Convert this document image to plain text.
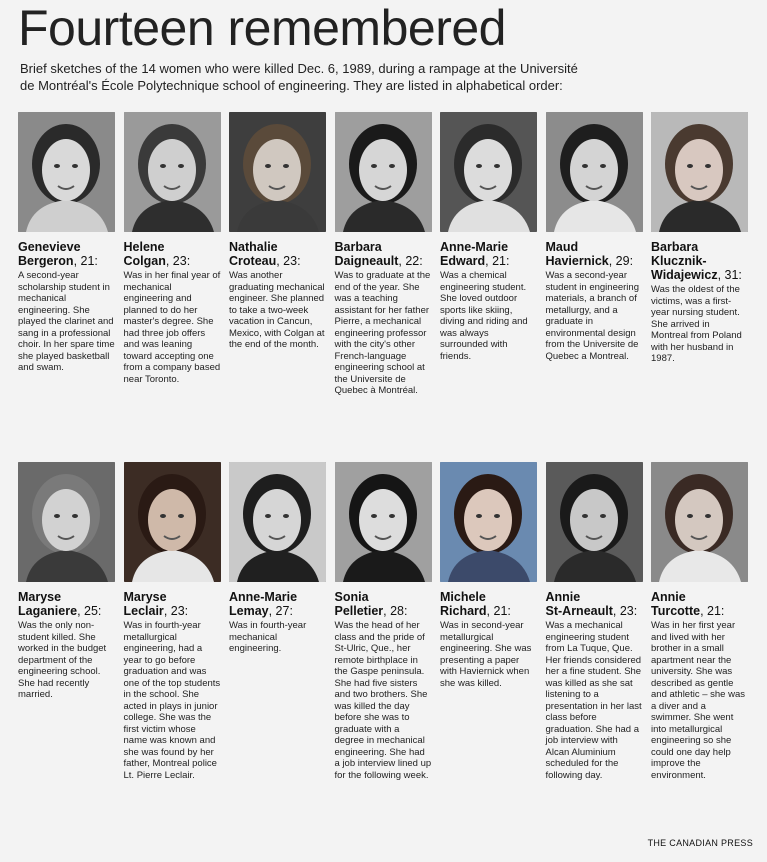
Fourteen remembered
Brief sketches of the 14 women who were killed Dec. 6, 1989, during a rampage at the Université
de Montréal's École Polytechnique school of engineering. They are listed in alphabetical order:
Genevieve
Bergeron, 21:
A second-year scholarship student in mechanical engineering. She played the clarinet and sang in a professional choir. In her spare time she played basketball and swam.
Helene
Colgan, 23:
Was in her final year of mechanical engineering and planned to do her master's degree. She had three job offers and was leaning toward accepting one from a company based near Toronto.
Nathalie
Croteau, 23:
Was another graduating mechanical engineer. She planned to take a two-week vacation in Cancun, Mexico, with Colgan at the end of the month.
Barbara
Daigneault, 22:
Was to graduate at the end of the year. She was a teaching assistant for her father Pierre, a mechanical engineering professor with the city's other French-language engineering school at the Universite de Quebec à Montréal.
Anne-Marie
Edward, 21:
Was a chemical engineering student. She loved outdoor sports like skiing, diving and riding and was always surrounded with friends.
Maud
Haviernick, 29:
Was a second-year student in engineering materials, a branch of metallurgy, and a graduate in environmental design from the Universite de Quebec a Montreal.
Barbara
Klucznik-Widajewicz, 31:
Was the oldest of the victims, was a first-year nursing student. She arrived in Montreal from Poland with her husband in 1987.
Maryse
Laganiere, 25:
Was the only non-student killed. She worked in the budget department of the engineering school. She had recently married.
Maryse
Leclair, 23:
Was in fourth-year metallurgical engineering, had a year to go before graduation and was one of the top students in the school. She acted in plays in junior college. She was the first victim whose name was known and she was found by her father, Montreal police Lt. Pierre Leclair.
Anne-Marie
Lemay, 27:
Was in fourth-year mechanical engineering.
Sonia
Pelletier, 28:
Was the head of her class and the pride of St-Ulric, Que., her remote birthplace in the Gaspe peninsula. She had five sisters and two brothers. She was killed the day before she was to graduate with a degree in mechanical engineering. She had a job interview lined up for the following week.
Michele
Richard, 21:
Was in second-year metallurgical engineering. She was presenting a paper with Haviernick when she was killed.
Annie
St-Arneault, 23:
Was a mechanical engineering student from La Tuque, Que. Her friends considered her a fine student. She was killed as she sat listening to a presentation in her last class before graduation. She had a job interview with Alcan Aluminium scheduled for the following day.
Annie
Turcotte, 21:
Was in her first year and lived with her brother in a small apartment near the university. She was described as gentle and athletic – she was a diver and a swimmer. She went into metallurgical engineering so she could one day help improve the environment.
THE CANADIAN PRESS
